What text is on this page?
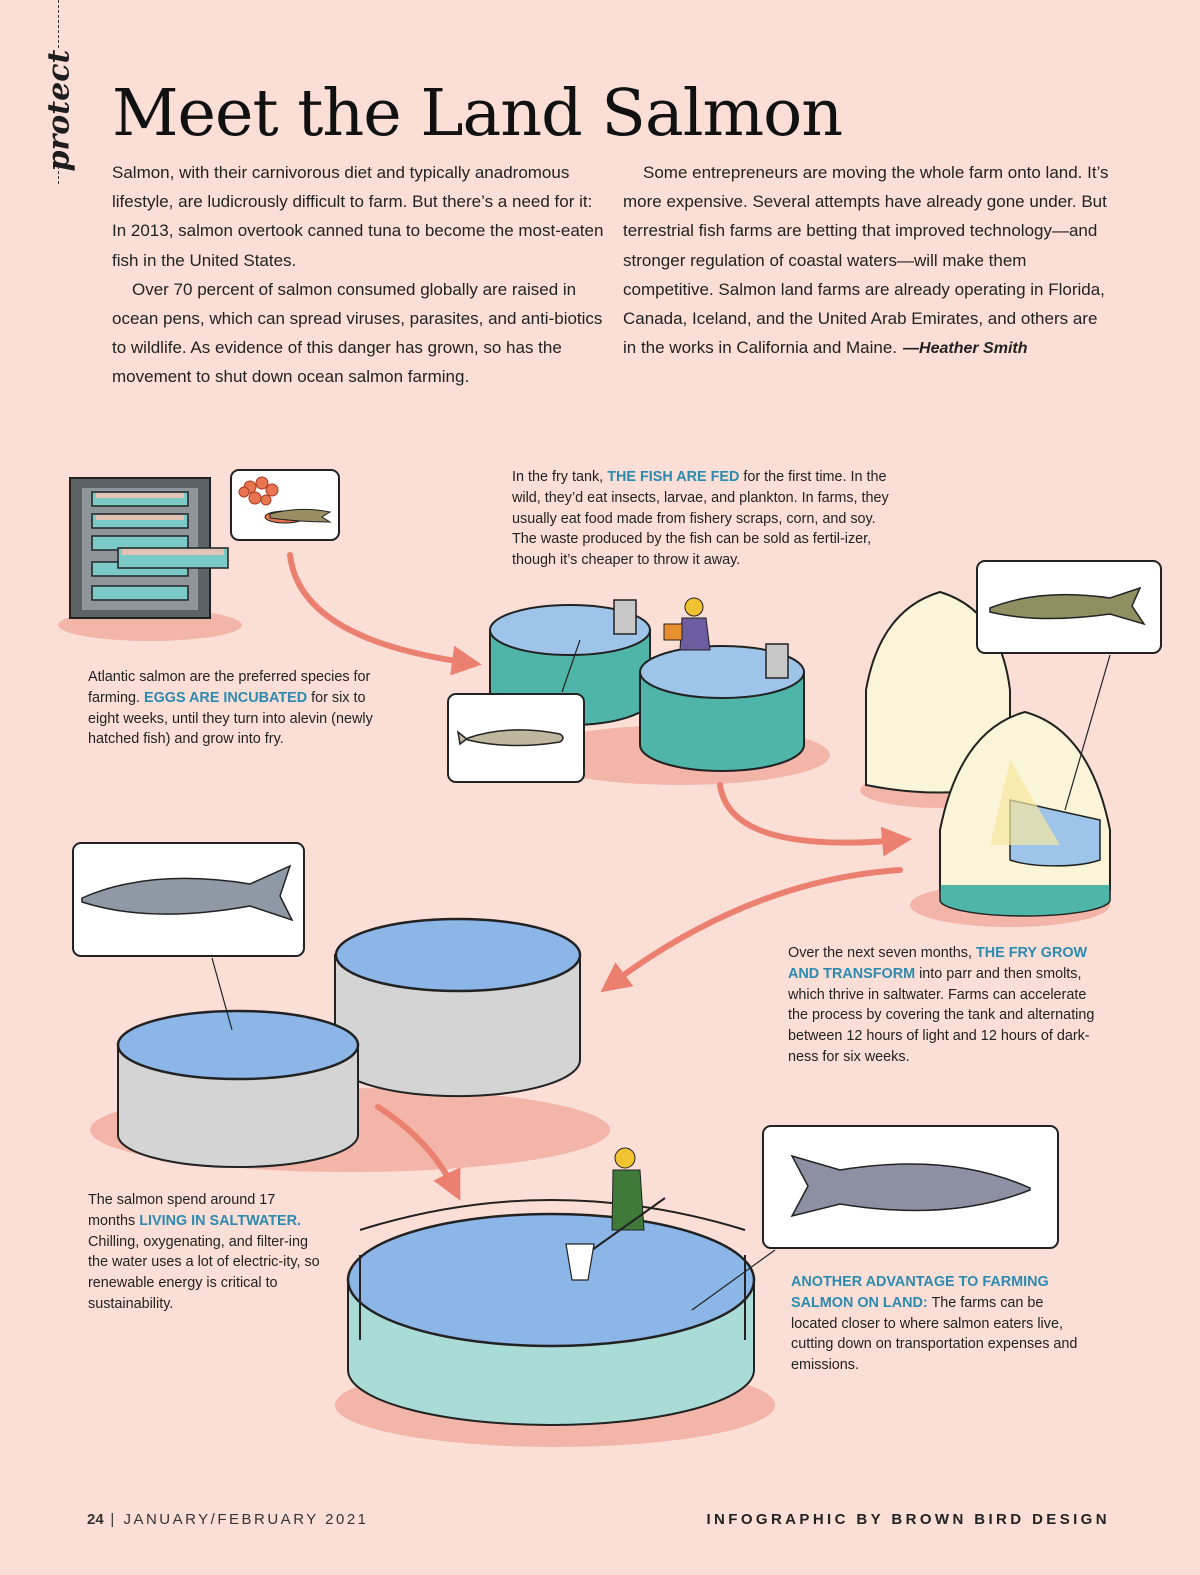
protect Meet the Land Salmon

Salmon, with their carnivorous diet and typically anadromous lifestyle, are ludicrously difficult to farm. But there’s a need for it: In 2013, salmon overtook canned tuna to become the most-eaten fish in the United States.

Over 70 percent of salmon consumed globally are raised in ocean pens, which can spread viruses, parasites, and anti-biotics to wildlife. As evidence of this danger has grown, so has the movement to shut down ocean salmon farming.

Some entrepreneurs are moving the whole farm onto land. It’s more expensive. Several attempts have already gone under. But terrestrial fish farms are betting that improved technology—and stronger regulation of coastal waters—will make them competitive. Salmon land farms are already operating in Florida, Canada, Iceland, and the United Arab Emirates, and others are in the works in California and Maine. —Heather Smith

In the fry tank, THE FISH ARE FED for the first time. In the wild, they’d eat insects, larvae, and plankton. In farms, they usually eat food made from fishery scraps, corn, and soy. The waste produced by the fish can be sold as fertil-izer, though it’s cheaper to throw it away.
Atlantic salmon are the preferred species for farming. EGGS ARE INCUBATED for six to eight weeks, until they turn into alevin (newly hatched fish) and grow into fry.
Over the next seven months, THE FRY GROW AND TRANSFORM into parr and then smolts, which thrive in saltwater. Farms can accelerate the process by covering the tank and alternating between 12 hours of light and 12 hours of dark-ness for six weeks.
The salmon spend around 17 months LIVING IN SALTWATER. Chilling, oxygenating, and filter-ing the water uses a lot of electric-ity, so renewable energy is critical to sustainability.
ANOTHER ADVANTAGE TO FARMING SALMON ON LAND: The farms can be located closer to where salmon eaters live, cutting down on transportation expenses and emissions.
24 | JANUARY/FEBRUARY 2021	INFOGRAPHIC BY BROWN BIRD DESIGN
